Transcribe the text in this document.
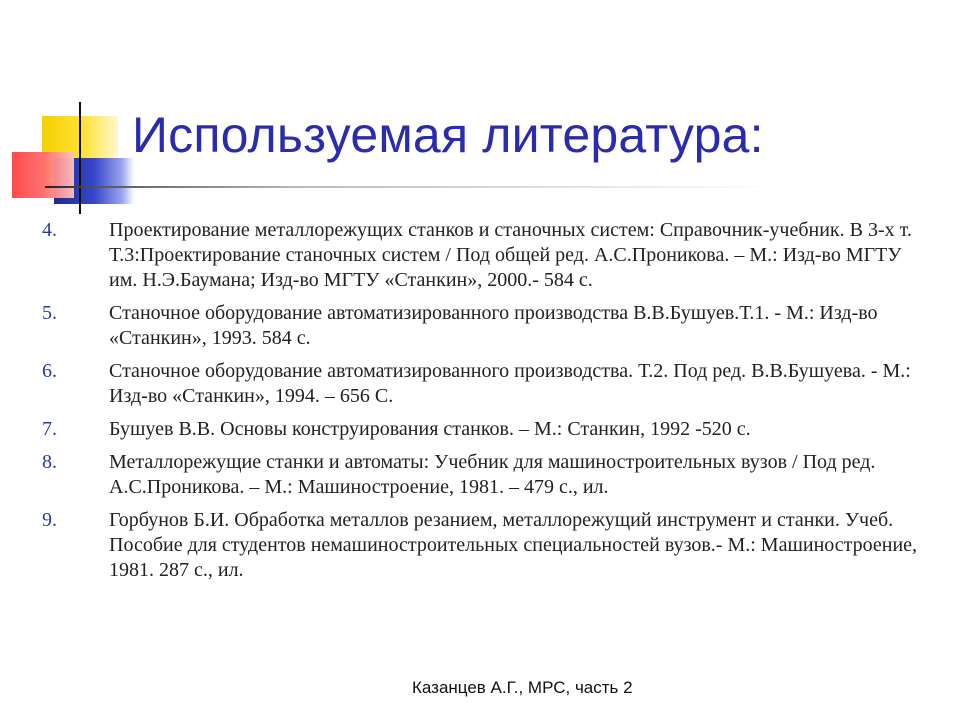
Используемая литература:
4.	Проектирование металлорежущих станков и станочных систем: Справочник-учебник. В 3-х т. Т.3:Проектирование станочных систем / Под общей ред. А.С.Проникова. – М.: Изд-во МГТУ им. Н.Э.Баумана; Изд-во МГТУ «Станкин», 2000.- 584 с.
5.	Станочное оборудование автоматизированного производства В.В.Бушуев.Т.1. - М.: Изд-во «Станкин», 1993. 584 с.
6.	Станочное оборудование автоматизированного производства. Т.2. Под ред. В.В.Бушуева. - М.: Изд-во «Станкин», 1994. – 656 С.
7.	Бушуев В.В. Основы конструирования станков. – М.: Станкин, 1992 -520 с.
8.	Металлорежущие станки и автоматы: Учебник для машиностроительных вузов / Под ред. А.С.Проникова. – М.: Машиностроение, 1981. – 479 с., ил.
9.	Горбунов Б.И. Обработка металлов резанием, металлорежущий инструмент и станки. Учеб. Пособие для студентов немашиностроительных специальностей вузов.- М.: Машиностроение, 1981. 287 с., ил.
Казанцев А.Г., МРС, часть 2
